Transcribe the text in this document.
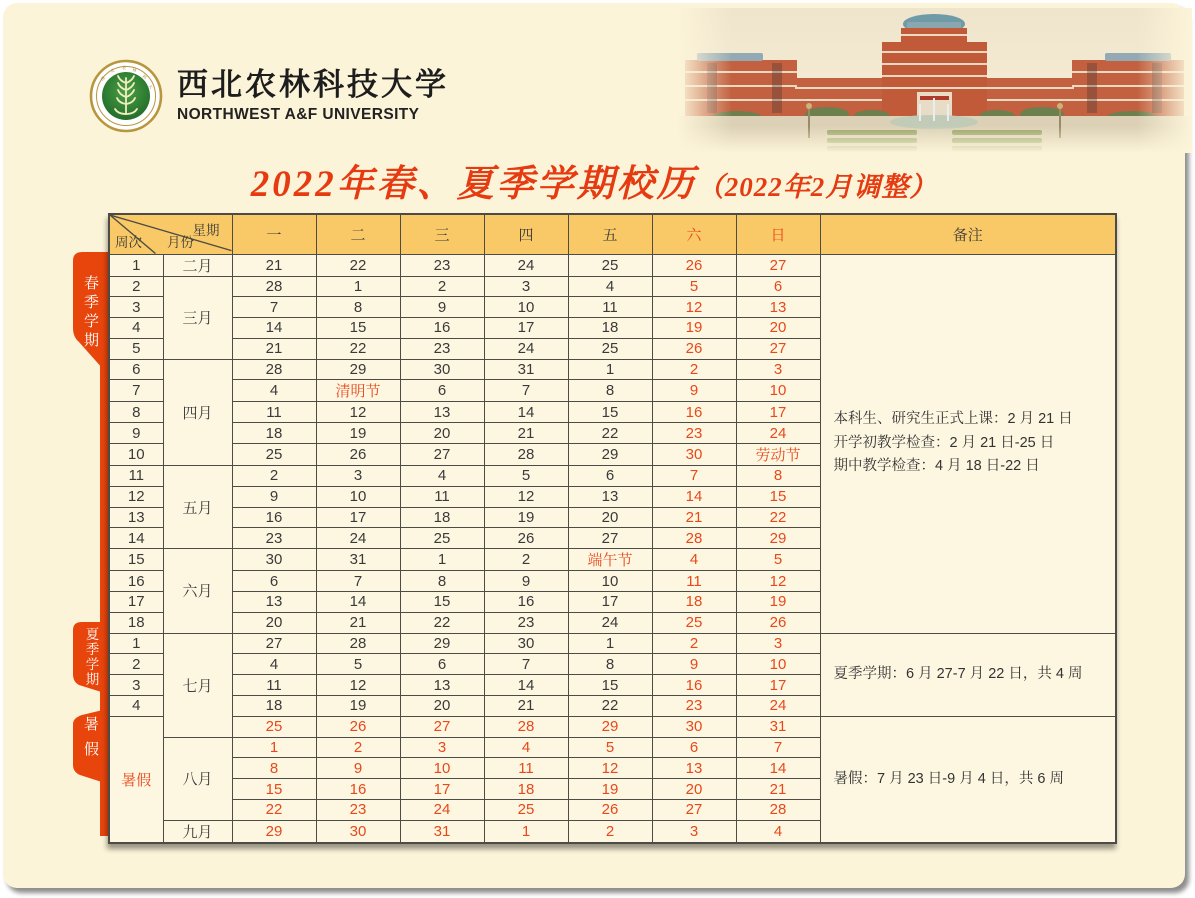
西
北 农 林
科
大 西北农林科技大学
NORTHWEST A&F UNIVERSITY
2022年春、夏季学期校历（2022年2月调整）
春季学期
夏季学期
暑假
星期
月份
周次		一	二	三	四	五	六	日	备注
1	二月	21	22	23	24	25	26	27	本科生、研究生正式上课：2 月 21 日
开学初教学检查：2 月 21 日-25 日
期中教学检查：4 月 18 日-22 日

2	三月	28	1	2	3	4	5	6	
3		7	8	9	10	11	12	13	
4		14	15	16	17	18	19	20	
5		21	22	23	24	25	26	27	
6	四月	28	29	30	31	1	2	3	
7		4	清明节	6	7	8	9	10	
8		11	12	13	14	15	16	17	
9		18	19	20	21	22	23	24	
10		25	26	27	28	29	30	劳动节	
11	五月	2	3	4	5	6	7	8	
12		9	10	11	12	13	14	15	
13		16	17	18	19	20	21	22	
14		23	24	25	26	27	28	29	
15	六月	30	31	1	2	端午节	4	5	
16		6	7	8	9	10	11	12	
17		13	14	15	16	17	18	19	
18		20	21	22	23	24	25	26	
1	七月	27	28	29	30	1	2	3	夏季学期：6 月 27-7 月 22 日，共 4 周

2		4	5	6	7	8	9	10	
3		11	12	13	14	15	16	17	
4		18	19	20	21	22	23	24	
暑假		25	26	27	28	29	30	31	暑假：7 月 23 日-9 月 4 日，共 6 周

	八月	1	2	3	4	5	6	7	
		8	9	10	11	12	13	14	
		15	16	17	18	19	20	21	
		22	23	24	25	26	27	28	
	九月	29	30	31	1	2	3	4	
